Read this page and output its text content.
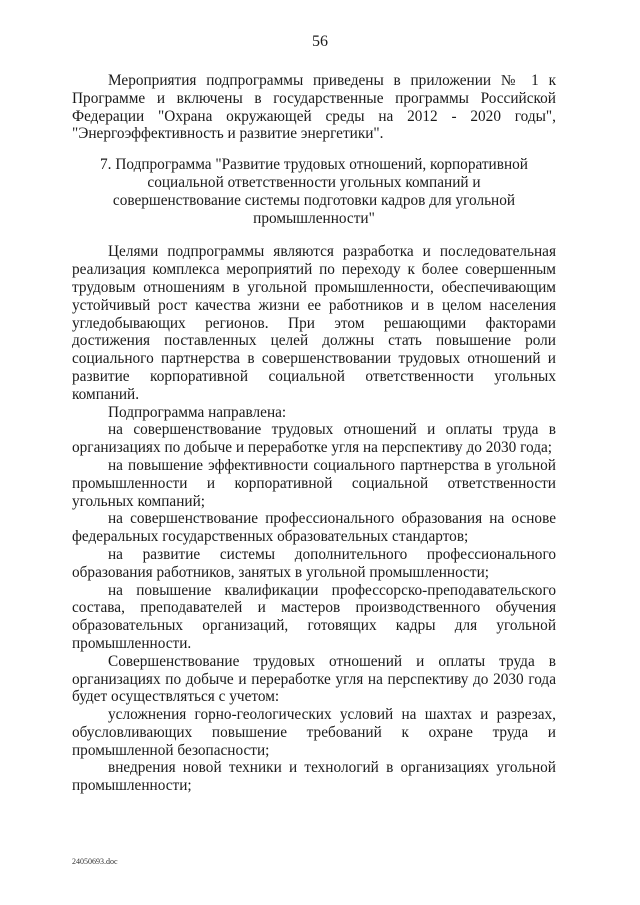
56

Мероприятия подпрограммы приведены в приложении № 1 к Программе и включены в государственные программы Российской Федерации "Охрана окружающей среды на 2012 - 2020 годы", "Энергоэффективность и развитие энергетики".

7. Подпрограмма "Развитие трудовых отношений, корпоративной социальной ответственности угольных компаний и совершенствование системы подготовки кадров для угольной промышленности"

Целями подпрограммы являются разработка и последовательная реализация комплекса мероприятий по переходу к более совершенным трудовым отношениям в угольной промышленности, обеспечивающим устойчивый рост качества жизни ее работников и в целом населения угледобывающих регионов. При этом решающими факторами достижения поставленных целей должны стать повышение роли социального партнерства в совершенствовании трудовых отношений и развитие корпоративной социальной ответственности угольных компаний.

Подпрограмма направлена:

на совершенствование трудовых отношений и оплаты труда в организациях по добыче и переработке угля на перспективу до 2030 года;

на повышение эффективности социального партнерства в угольной промышленности и корпоративной социальной ответственности угольных компаний;

на совершенствование профессионального образования на основе федеральных государственных образовательных стандартов;

на развитие системы дополнительного профессионального образования работников, занятых в угольной промышленности;

на повышение квалификации профессорско-преподавательского состава, преподавателей и мастеров производственного обучения образовательных организаций, готовящих кадры для угольной промышленности.

Совершенствование трудовых отношений и оплаты труда в организациях по добыче и переработке угля на перспективу до 2030 года будет осуществляться с учетом:

усложнения горно-геологических условий на шахтах и разрезах, обусловливающих повышение требований к охране труда и промышленной безопасности;

внедрения новой техники и технологий в организациях угольной промышленности;

24050693.doc
